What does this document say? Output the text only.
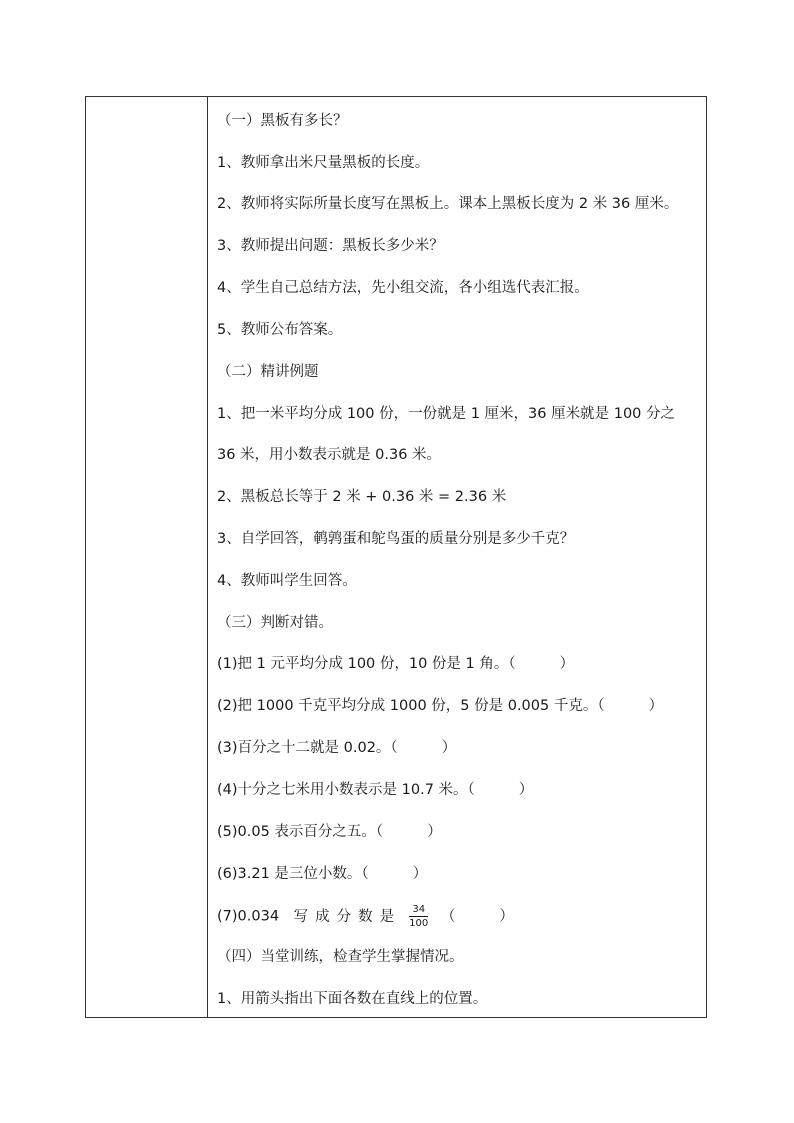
（一）黑板有多长？
1、教师拿出米尺量黑板的长度。
2、教师将实际所量长度写在黑板上。课本上黑板长度为 2 米 36 厘米。
3、教师提出问题：黑板长多少米？
4、学生自己总结方法，先小组交流，各小组选代表汇报。
5、教师公布答案。
（二）精讲例题
1、把一米平均分成 100 份，一份就是 1 厘米，36 厘米就是 100 分之
36 米，用小数表示就是 0.36 米。
2、黑板总长等于 2 米 + 0.36 米 = 2.36 米
3、自学回答，鹌鹑蛋和鸵鸟蛋的质量分别是多少千克？
4、教师叫学生回答。
（三）判断对错。
(1)把 1 元平均分成 100 份，10 份是 1 角。（	）
(2)把 1000 千克平均分成 1000 份，5 份是 0.005 千克。（	）
(3)百分之十二就是 0.02。（	）
(4)十分之七米用小数表示是 10.7 米。（	）
(5)0.05 表示百分之五。（	）
(6)3.21 是三位小数。（	）
(7)0.034 写成分数是 $\frac{34}{100}$ （	）
（四）当堂训练，检查学生掌握情况。
1、用箭头指出下面各数在直线上的位置。
